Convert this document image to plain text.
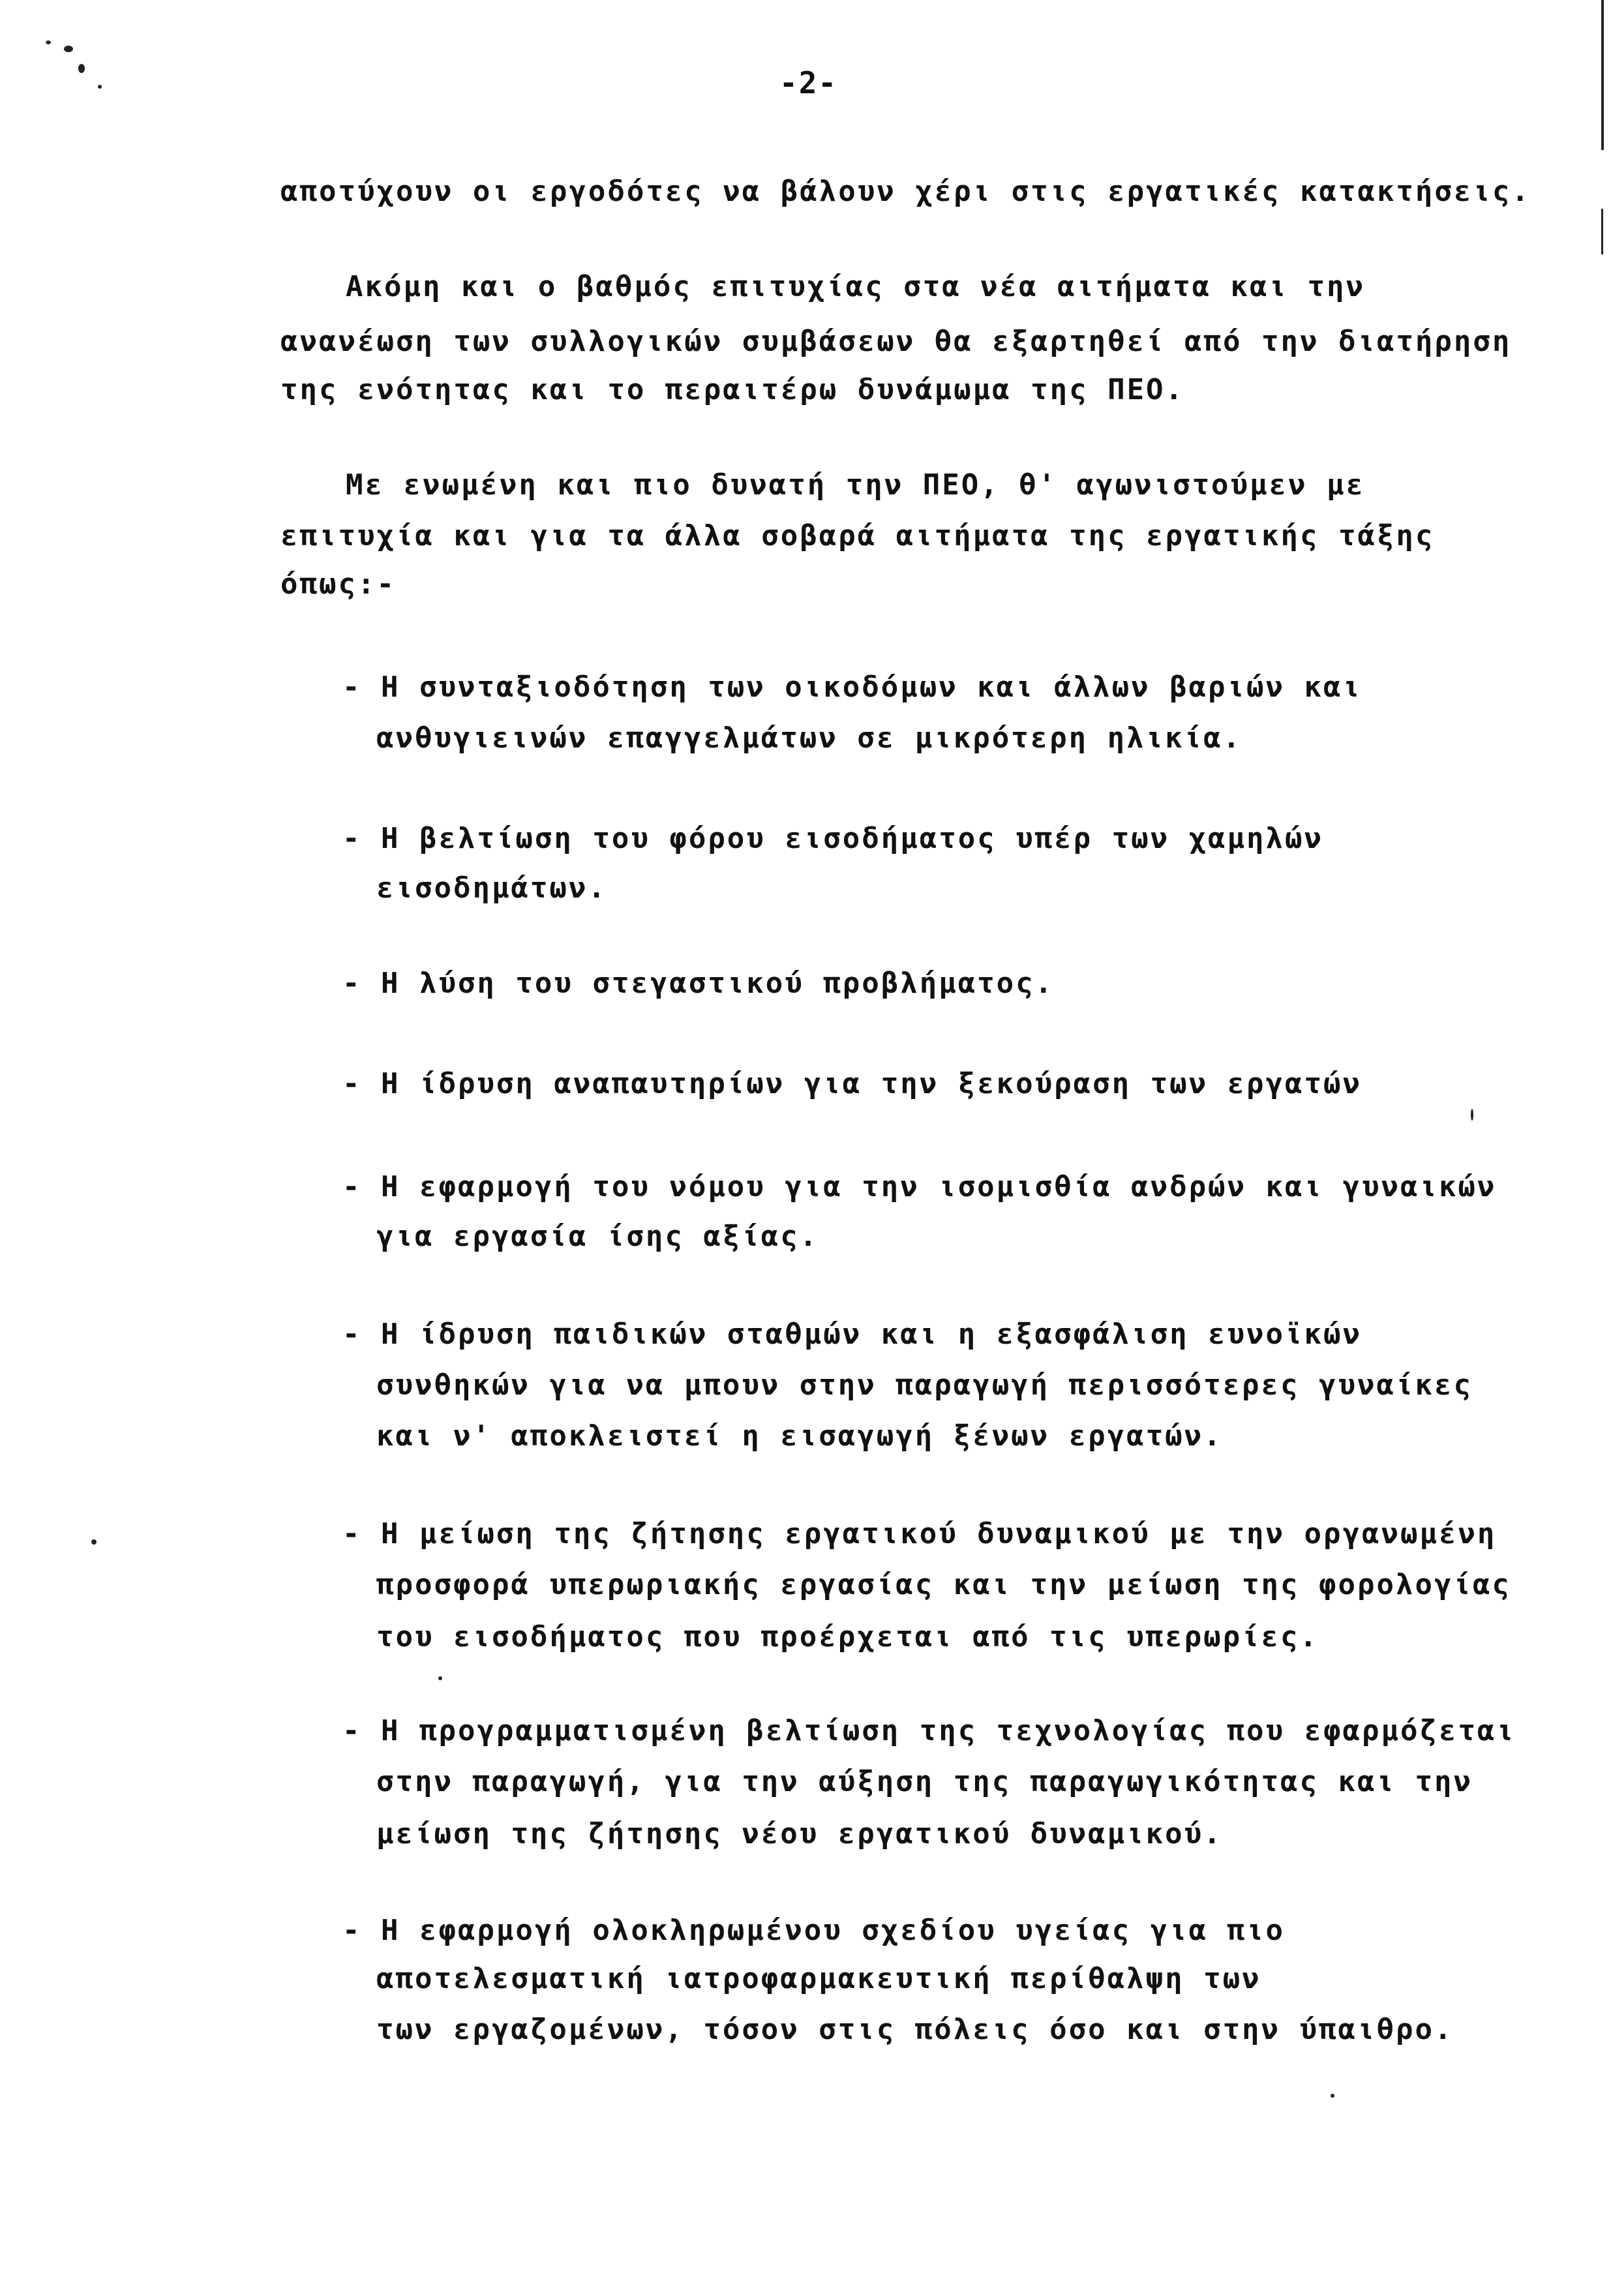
-2-

αποτύχουν οι εργοδότες να βάλουν χέρι στις εργατικές κατακτήσεις.

Ακόμη και ο βαθμός επιτυχίας στα νέα αιτήματα και την

ανανέωση των συλλογικών συμβάσεων θα εξαρτηθεί από την διατήρηση

της ενότητας και το περαιτέρω δυνάμωμα της ΠΕΟ.

Με ενωμένη και πιο δυνατή την ΠΕΟ, θ' αγωνιστούμεν με

επιτυχία και για τα άλλα σοβαρά αιτήματα της εργατικής τάξης

όπως:-

- Η συνταξιοδότηση των οικοδόμων και άλλων βαριών και

ανθυγιεινών επαγγελμάτων σε μικρότερη ηλικία.

- Η βελτίωση του φόρου εισοδήματος υπέρ των χαμηλών

εισοδημάτων.

- Η λύση του στεγαστικού προβλήματος.

- Η ίδρυση αναπαυτηρίων για την ξεκούραση των εργατών

- Η εφαρμογή του νόμου για την ισομισθία ανδρών και γυναικών

για εργασία ίσης αξίας.

- Η ίδρυση παιδικών σταθμών και η εξασφάλιση ευνοϊκών

συνθηκών για να μπουν στην παραγωγή περισσότερες γυναίκες

και ν' αποκλειστεί η εισαγωγή ξένων εργατών.

- Η μείωση της ζήτησης εργατικού δυναμικού με την οργανωμένη

προσφορά υπερωριακής εργασίας και την μείωση της φορολογίας

του εισοδήματος που προέρχεται από τις υπερωρίες.

- Η προγραμματισμένη βελτίωση της τεχνολογίας που εφαρμόζεται

στην παραγωγή, για την αύξηση της παραγωγικότητας και την

μείωση της ζήτησης νέου εργατικού δυναμικού.

- Η εφαρμογή ολοκληρωμένου σχεδίου υγείας για πιο

αποτελεσματική ιατροφαρμακευτική περίθαλψη των

των εργαζομένων, τόσον στις πόλεις όσο και στην ύπαιθρο.
